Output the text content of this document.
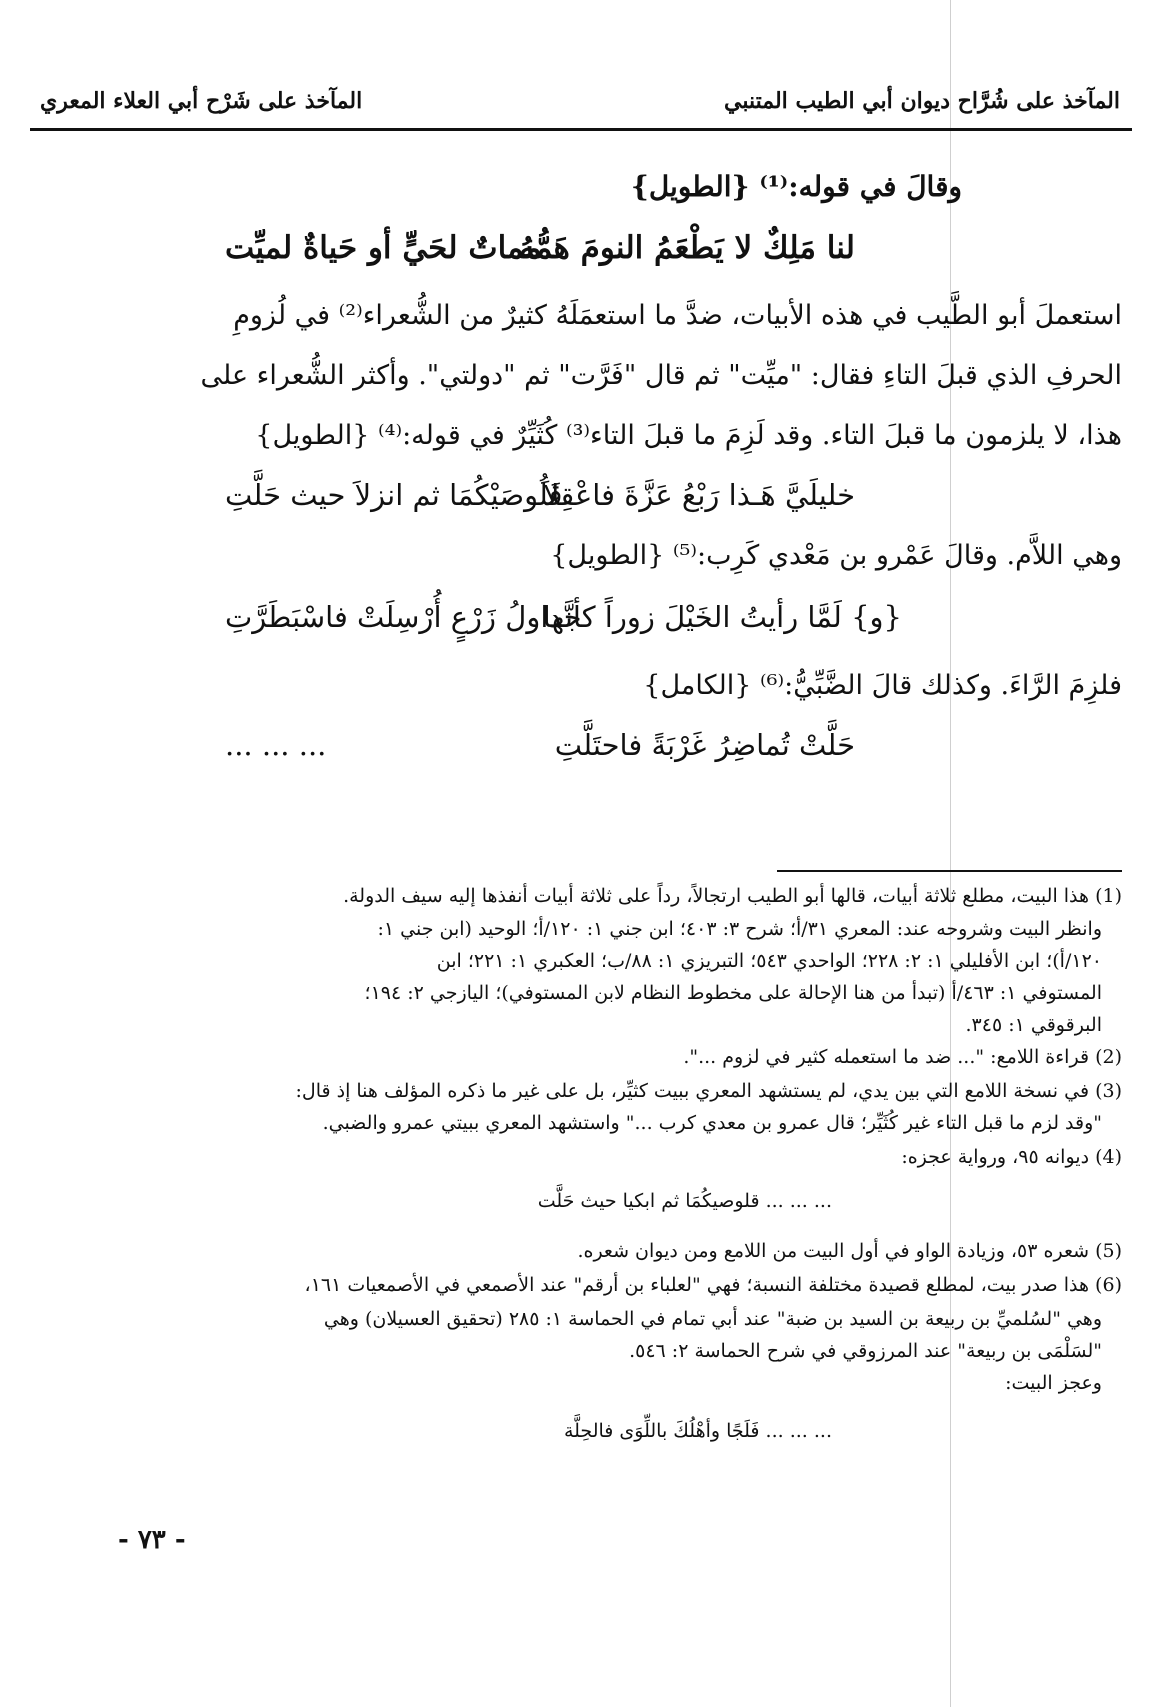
المآخذ على شُرَّاح ديوان أبي الطيب المتنبي
المآخذ على شَرْح أبي العلاء المعري
وقالَ في قوله:⁽¹⁾ {الطويل}
لنا مَلِكٌ لا يَطْعَمُ النومَ هَمُّهُ
مماتٌ لحَيٍّ أو حَياةٌ لميِّت
استعملَ أبو الطَّيب في هذه الأبيات، ضدَّ ما استعمَلَهُ كثيرٌ من الشُّعراء⁽²⁾ في لُزومِ
الحرفِ الذي قبلَ التاءِ فقال: "ميِّت" ثم قال "فَرَّت" ثم "دولتي". وأكثر الشُّعراء على
هذا، لا يلزمون ما قبلَ التاء. وقد لَزِمَ ما قبلَ التاء⁽³⁾ كُثَيِّرٌ في قوله:⁽⁴⁾ {الطويل}
خليلَيَّ هَـذا رَبْعُ عَزَّةَ فاعْقِلاَ
قَلُوصَيْكُمَا ثم انزلاَ حيث حَلَّتِ
وهي اللاَّم. وقالَ عَمْرو بن مَعْدي كَرِب:⁽⁵⁾ {الطويل}
{و} لَمَّا رأيتُ الخَيْلَ زوراً كأنَّها
جداولُ زَرْعٍ أُرْسِلَتْ فاسْبَطَرَّتِ
فلزِمَ الرَّاءَ. وكذلك قالَ الضَّبِّيُّ:⁽⁶⁾ {الكامل}
حَلَّتْ تُماضِرُ غَرْبَةً فاحتَلَّتِ
... ... ...
(1) هذا البيت، مطلع ثلاثة أبيات، قالها أبو الطيب ارتجالاً، رداً على ثلاثة أبيات أنفذها إليه سيف الدولة.
وانظر البيت وشروحه عند: المعري ٣١/أ؛ شرح ٣: ٤٠٣؛ ابن جني ١: ١٢٠/أ؛ الوحيد (ابن جني ١:
١٢٠/أ)؛ ابن الأفليلي ١: ٢: ٢٢٨؛ الواحدي ٥٤٣؛ التبريزي ١: ٨٨/ب؛ العكبري ١: ٢٢١؛ ابن
المستوفي ١: ٤٦٣/أ (تبدأ من هنا الإحالة على مخطوط النظام لابن المستوفي)؛ اليازجي ٢: ١٩٤؛
البرقوقي ١: ٣٤٥.
(2) قراءة اللامع: "... ضد ما استعمله كثير في لزوم ...".
(3) في نسخة اللامع التي بين يدي، لم يستشهد المعري ببيت كثيِّر، بل على غير ما ذكره المؤلف هنا إذ قال:
"وقد لزم ما قبل التاء غير كُثَيِّر؛ قال عمرو بن معدي كرب ..." واستشهد المعري ببيتي عمرو والضبي.
(4) ديوانه ٩٥، ورواية عجزه:
... ... ... قلوصيكُمَا ثم ابكيا حيث حَلَّت
(5) شعره ٥٣، وزيادة الواو في أول البيت من اللامع ومن ديوان شعره.
(6) هذا صدر بيت، لمطلع قصيدة مختلفة النسبة؛ فهي "لعلباء بن أرقم" عند الأصمعي في الأصمعيات ١٦١،
وهي "لسُلميِّ بن ربيعة بن السيد بن ضبة" عند أبي تمام في الحماسة ١: ٢٨٥ (تحقيق العسيلان) وهي
"لسَلْمَى بن ربيعة" عند المرزوقي في شرح الحماسة ٢: ٥٤٦.
وعجز البيت:
... ... ... فَلَجًا وأهْلُكَ باللِّوَى فالحِلَّة
- ٧٣ -
